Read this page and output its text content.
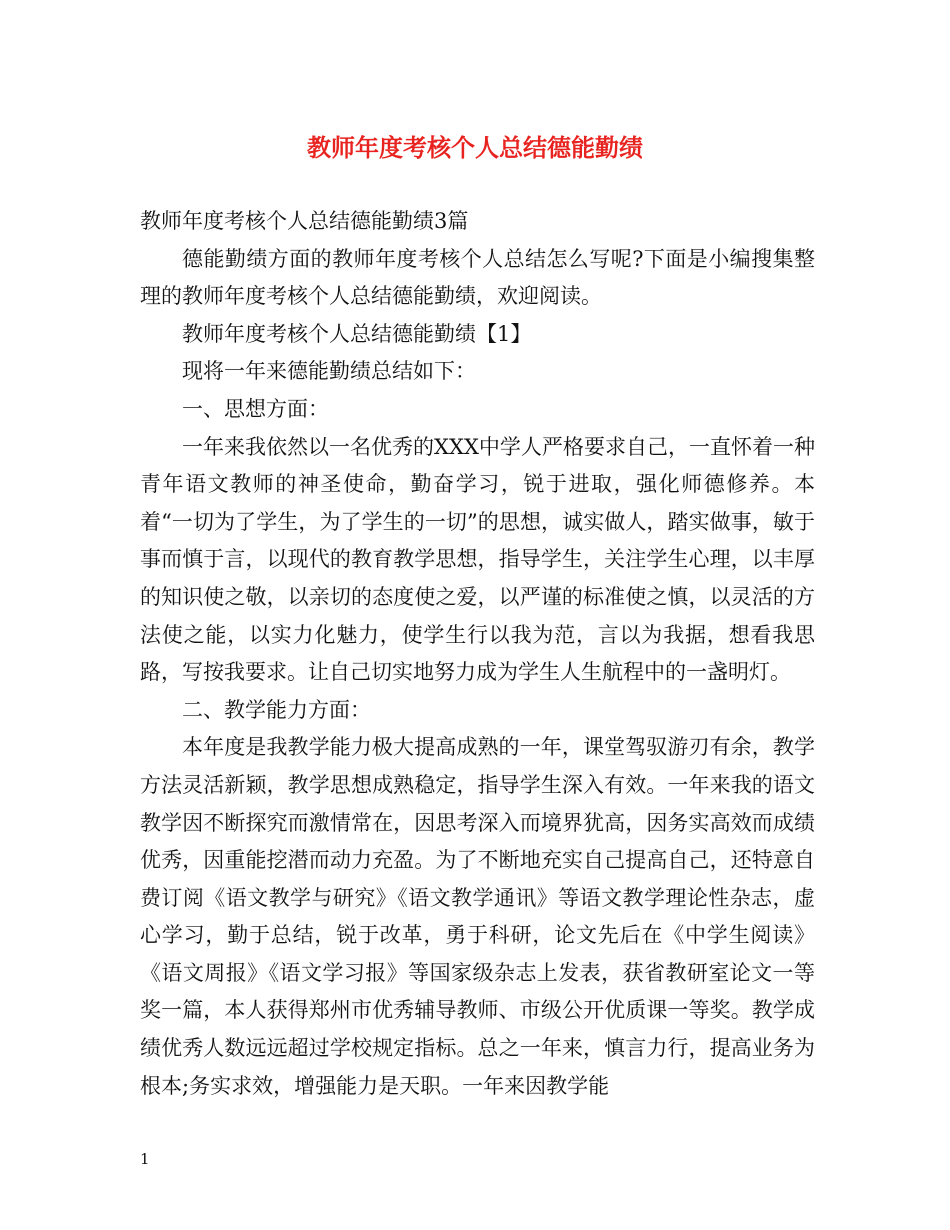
教师年度考核个人总结德能勤绩

教师年度考核个人总结德能勤绩3篇

德能勤绩方面的教师年度考核个人总结怎么写呢?下面是小编搜集整理的教师年度考核个人总结德能勤绩，欢迎阅读。

教师年度考核个人总结德能勤绩【1】

现将一年来德能勤绩总结如下：

一、思想方面：

一年来我依然以一名优秀的XXX中学人严格要求自己，一直怀着一种青年语文教师的神圣使命，勤奋学习，锐于进取，强化师德修养。本着“一切为了学生，为了学生的一切”的思想，诚实做人，踏实做事，敏于事而慎于言，以现代的教育教学思想，指导学生，关注学生心理，以丰厚的知识使之敬，以亲切的态度使之爱，以严谨的标准使之慎，以灵活的方法使之能，以实力化魅力，使学生行以我为范，言以为我据，想看我思路，写按我要求。让自己切实地努力成为学生人生航程中的一盏明灯。

二、教学能力方面：

本年度是我教学能力极大提高成熟的一年，课堂驾驭游刃有余，教学方法灵活新颖，教学思想成熟稳定，指导学生深入有效。一年来我的语文教学因不断探究而激情常在，因思考深入而境界犹高，因务实高效而成绩优秀，因重能挖潜而动力充盈。为了不断地充实自己提高自己，还特意自费订阅《语文教学与研究》《语文教学通讯》等语文教学理论性杂志，虚心学习，勤于总结，锐于改革，勇于科研，论文先后在《中学生阅读》《语文周报》《语文学习报》等国家级杂志上发表，获省教研室论文一等奖一篇，本人获得郑州市优秀辅导教师、市级公开优质课一等奖。教学成绩优秀人数远远超过学校规定指标。总之一年来，慎言力行，提高业务为根本;务实求效，增强能力是天职。一年来因教学能

1
